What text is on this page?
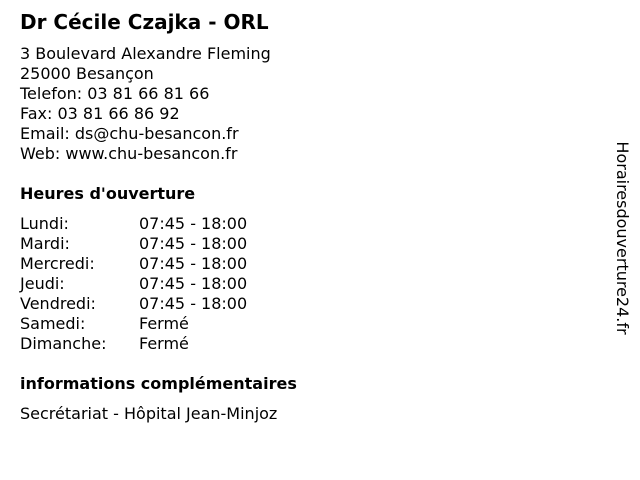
Dr Cécile Czajka - ORL
3 Boulevard Alexandre Fleming
25000 Besançon
Telefon: 03 81 66 81 66
Fax: 03 81 66 86 92
Email: ds@chu-besancon.fr
Web: www.chu-besancon.fr
Heures d'ouverture
Lundi:	07:45 - 18:00
Mardi:	07:45 - 18:00
Mercredi:	07:45 - 18:00
Jeudi:	07:45 - 18:00
Vendredi:	07:45 - 18:00
Samedi:	Fermé
Dimanche:	Fermé
informations complémentaires
Secrétariat - Hôpital Jean-Minjoz
Horairesdouverture24.fr
